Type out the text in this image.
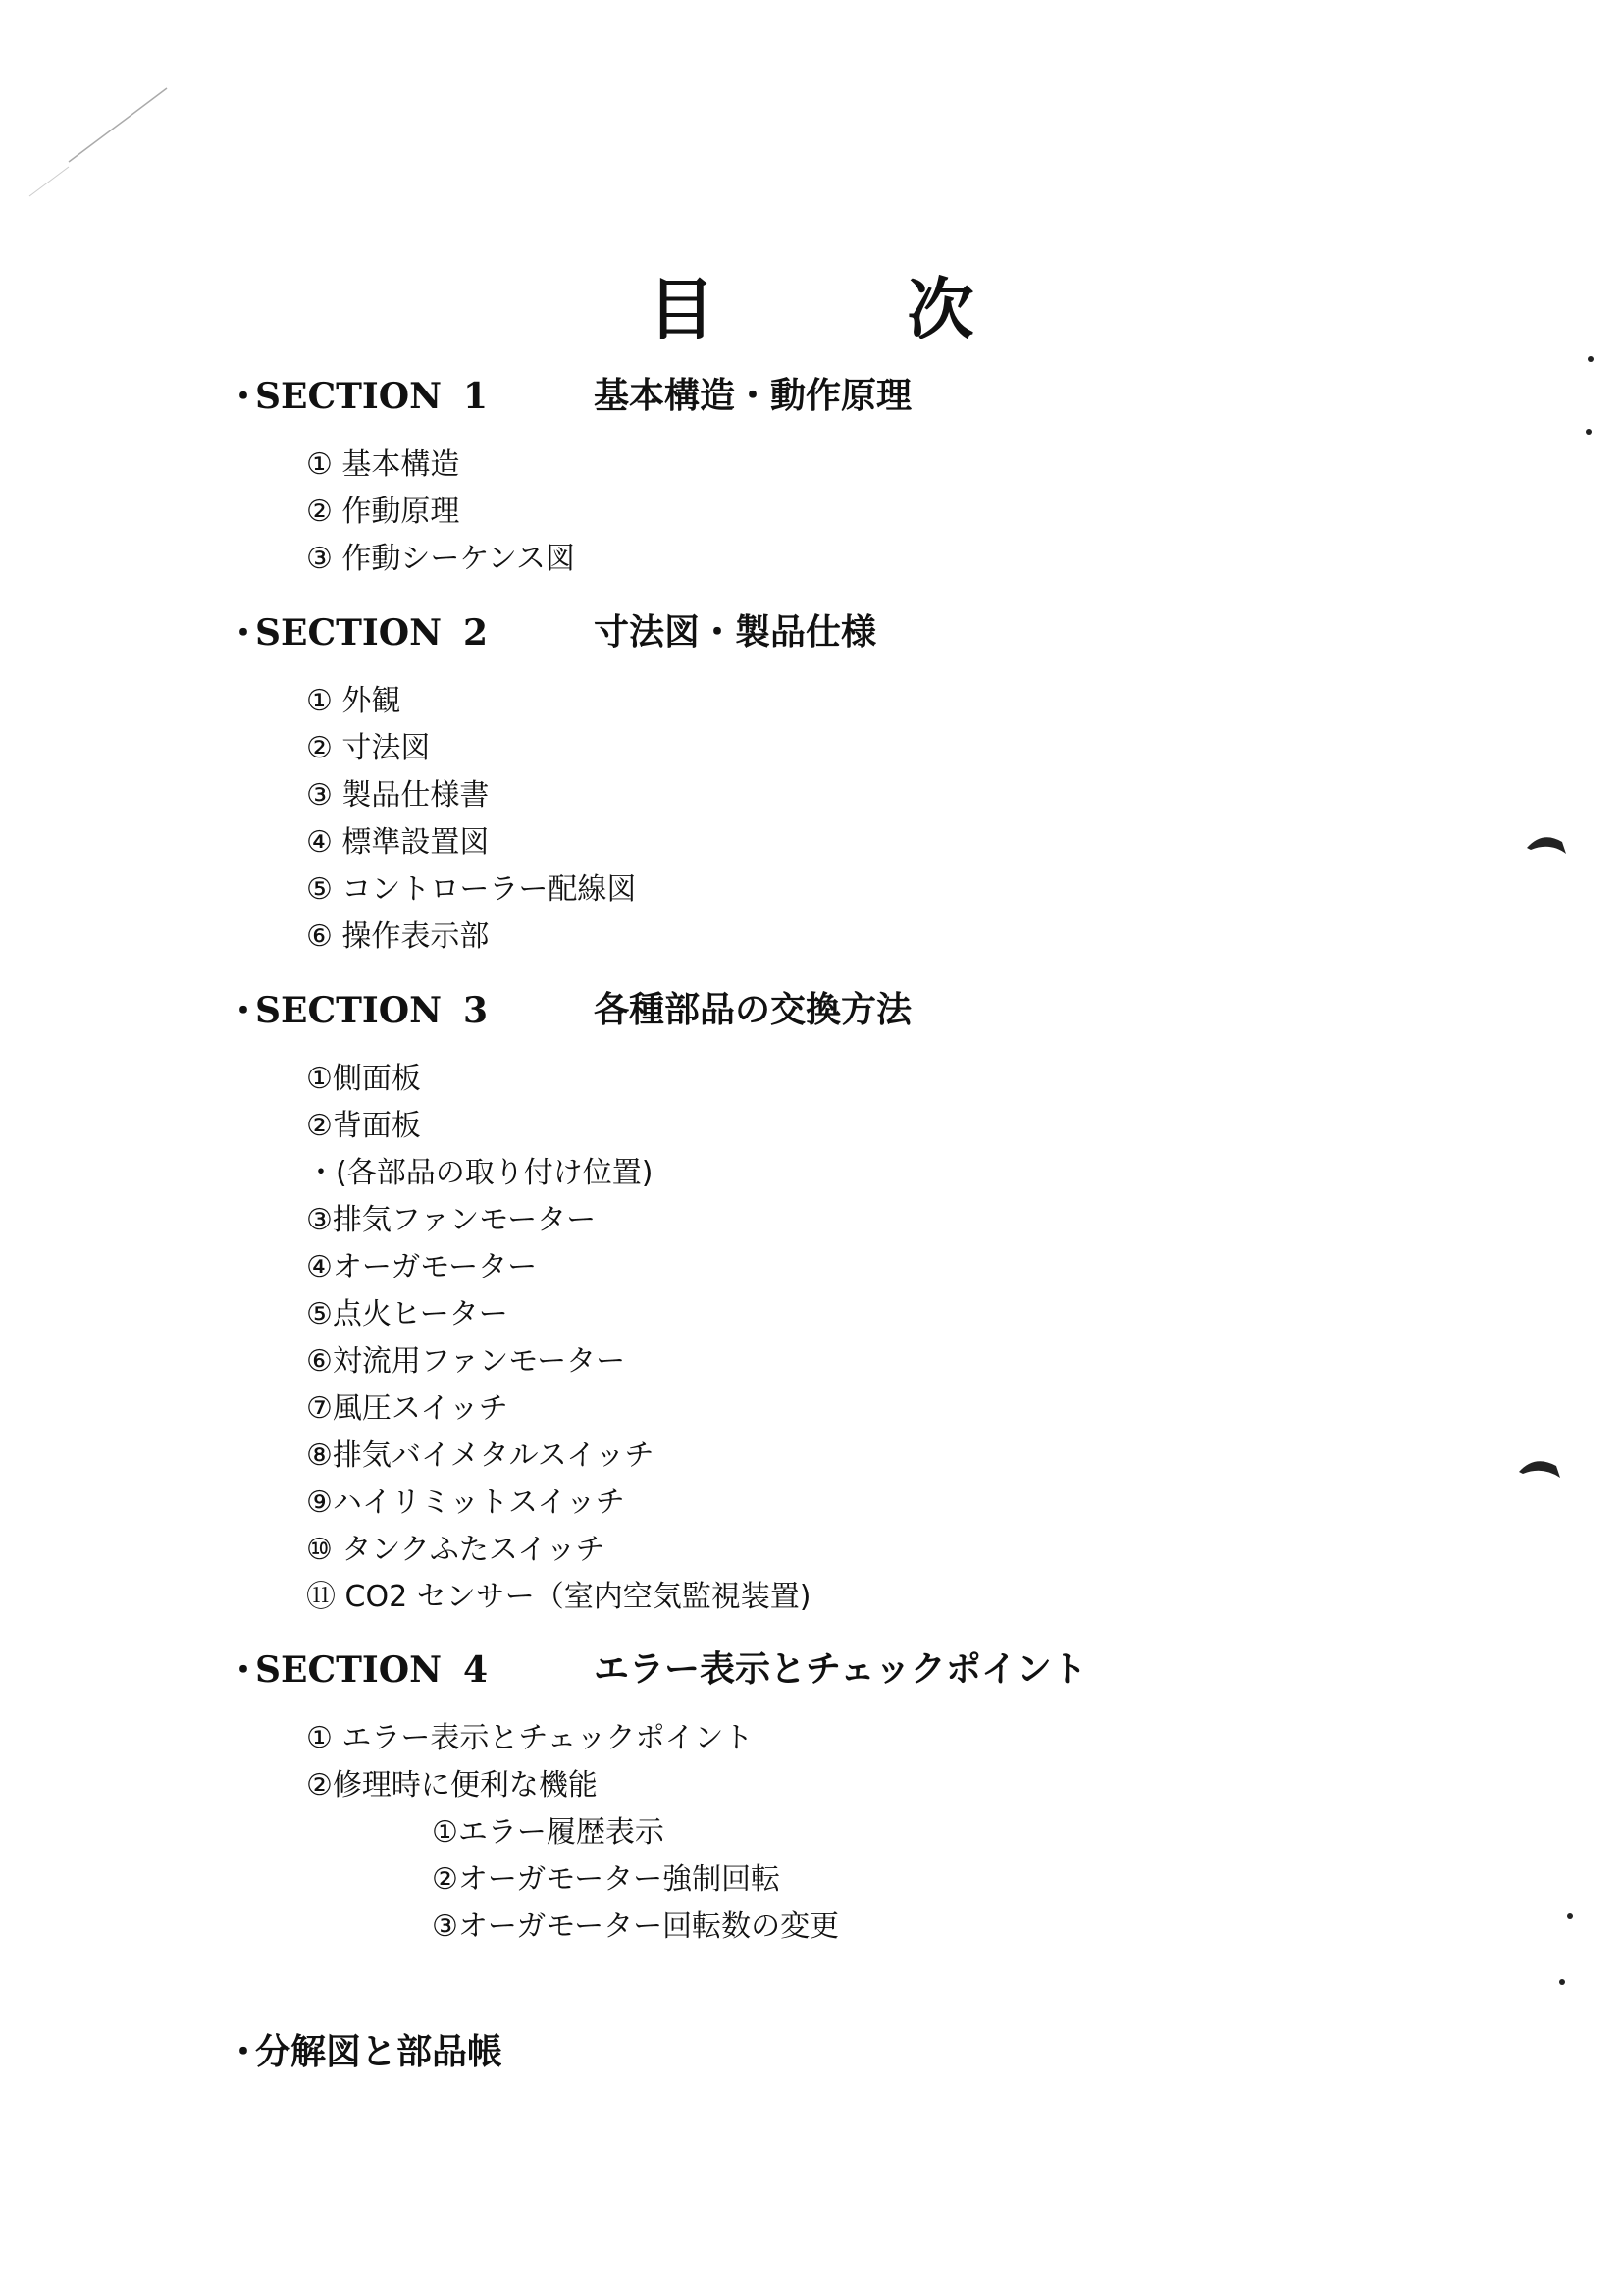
目　次
・SECTION 1	基本構造・動作原理
① 基本構造
② 作動原理
③ 作動シーケンス図
・SECTION 2	寸法図・製品仕様
① 外観
② 寸法図
③ 製品仕様書
④ 標準設置図
⑤ コントローラー配線図
⑥ 操作表示部
・SECTION 3	各種部品の交換方法
①側面板
②背面板
・(各部品の取り付け位置)
③排気ファンモーター
④オーガモーター
⑤点火ヒーター
⑥対流用ファンモーター
⑦風圧スイッチ
⑧排気バイメタルスイッチ
⑨ハイリミットスイッチ
⑩ タンクふたスイッチ
⑪ CO2 センサー（室内空気監視装置)
・SECTION 4	エラー表示とチェックポイント
① エラー表示とチェックポイント
②修理時に便利な機能
①エラー履歴表示
②オーガモーター強制回転
③オーガモーター回転数の変更
・分解図と部品帳
